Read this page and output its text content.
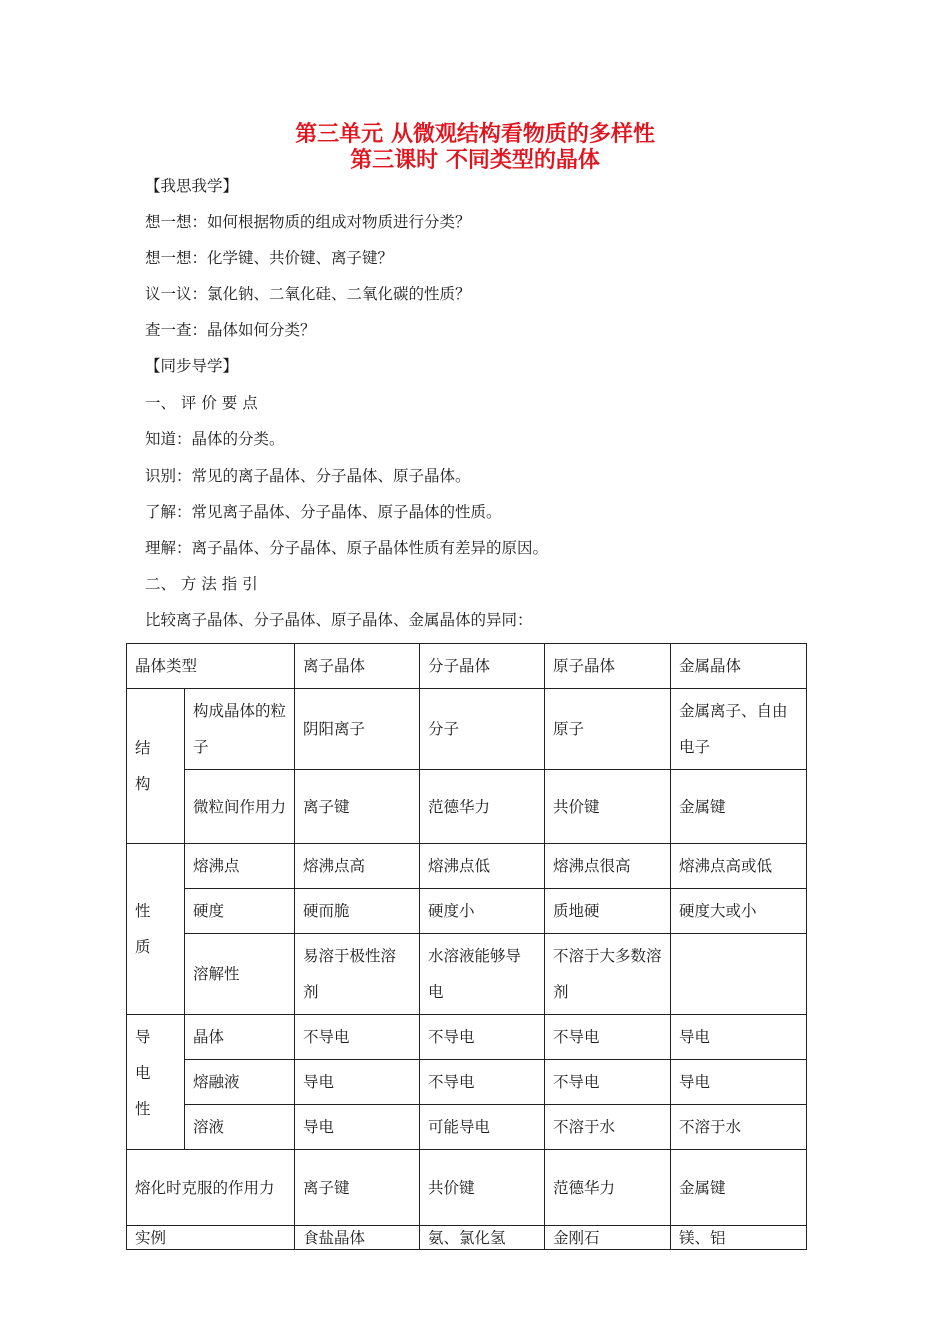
第三单元 从微观结构看物质的多样性
第三课时 不同类型的晶体
【我思我学】
想一想：如何根据物质的组成对物质进行分类？
想一想：化学键、共价键、离子键？
议一议：氯化钠、二氧化硅、二氧化碳的性质？
查一查：晶体如何分类？
【同步导学】
一、 评 价 要 点
知道：晶体的分类。
识别：常见的离子晶体、分子晶体、原子晶体。
了解：常见离子晶体、分子晶体、原子晶体的性质。
理解：离子晶体、分子晶体、原子晶体性质有差异的原因。
二、 方 法 指 引
比较离子晶体、分子晶体、原子晶体、金属晶体的异同：
晶体类型		离子晶体	分子晶体	原子晶体	金属晶体
结
构	构成晶体的粒子	阴阳离子	分子	原子	金属离子、自由电子
	微粒间作用力	离子键	范德华力	共价键	金属键
性
质	熔沸点	熔沸点高	熔沸点低	熔沸点很高	熔沸点高或低
	硬度	硬而脆	硬度小	质地硬	硬度大或小
	溶解性	易溶于极性溶剂	水溶液能够导电	不溶于大多数溶剂	
导
电
性	晶体	不导电	不导电	不导电	导电
	熔融液	导电	不导电	不导电	导电
	溶液	导电	可能导电	不溶于水	不溶于水
熔化时克服的作用力		离子键	共价键	范德华力	金属键
实例		食盐晶体	氨、氯化氢	金刚石	镁、铝
